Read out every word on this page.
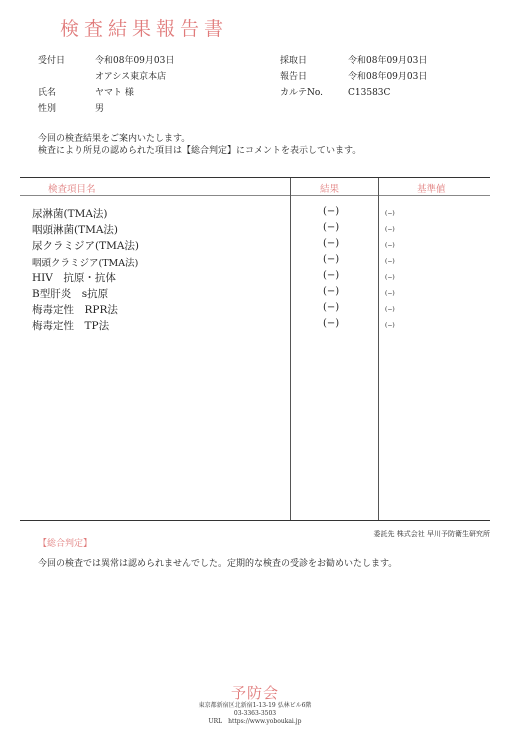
検査結果報告書
受付日	令和08年09月03日
オアシス東京本店
氏名	ヤマト 様
性別	男
採取日	令和08年09月03日
報告日	令和08年09月03日
カルテNo.	C13583C
今回の検査結果をご案内いたします。
検査により所見の認められた項目は【総合判定】にコメントを表示しています。
検査項目名	結果	基準値
尿淋菌(TMA法)	(−)	(−)
咽頭淋菌(TMA法)	(−)	(−)
尿クラミジア(TMA法)	(−)	(−)
咽頭クラミジア(TMA法)	(−)	(−)
HIV　抗原・抗体	(−)	(−)
B型肝炎　s抗原	(−)	(−)
梅毒定性　RPR法	(−)	(−)
梅毒定性　TP法	(−)	(−)
委託先 株式会社 早川予防衛生研究所
【総合判定】
今回の検査では異常は認められませんでした。定期的な検査の受診をお勧めいたします。
予防会
東京都新宿区北新宿1-13-19 弘林ビル6階
03-3363-3503
URL　https://www.yoboukai.jp
